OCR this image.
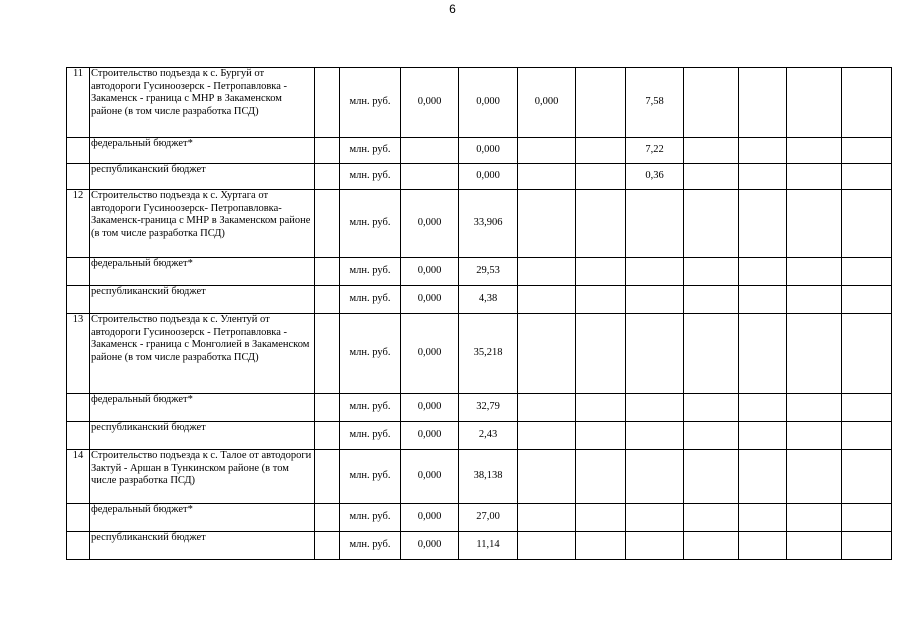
6
11	Строительство подъезда к с. Бургуй от автодороги Гусиноозерск - Петропавловка - Закаменск - граница с МНР в Закаменском районе (в том числе разработка ПСД)		млн. руб.	0,000	0,000	0,000		7,58				
	федеральный бюджет*		млн. руб.		0,000			7,22				
	республиканский бюджет		млн. руб.		0,000			0,36				
12	Строительство подъезда к с. Хуртага от автодороги Гусиноозерск- Петропавловка-Закаменск-граница с МНР в Закаменском районе (в том числе разработка ПСД)		млн. руб.	0,000	33,906							
	федеральный бюджет*		млн. руб.	0,000	29,53							
	республиканский бюджет		млн. руб.	0,000	4,38							
13	Строительство подъезда к с. Улентуй от автодороги Гусиноозерск - Петропавловка - Закаменск - граница с Монголией в Закаменском районе (в том числе разработка ПСД)		млн. руб.	0,000	35,218							
	федеральный бюджет*		млн. руб.	0,000	32,79							
	республиканский бюджет		млн. руб.	0,000	2,43							
14	Строительство подъезда к с. Талое от автодороги Зактуй - Аршан в Тункинском районе (в том числе разработка ПСД)		млн. руб.	0,000	38,138							
	федеральный бюджет*		млн. руб.	0,000	27,00							
	республиканский бюджет		млн. руб.	0,000	11,14							
